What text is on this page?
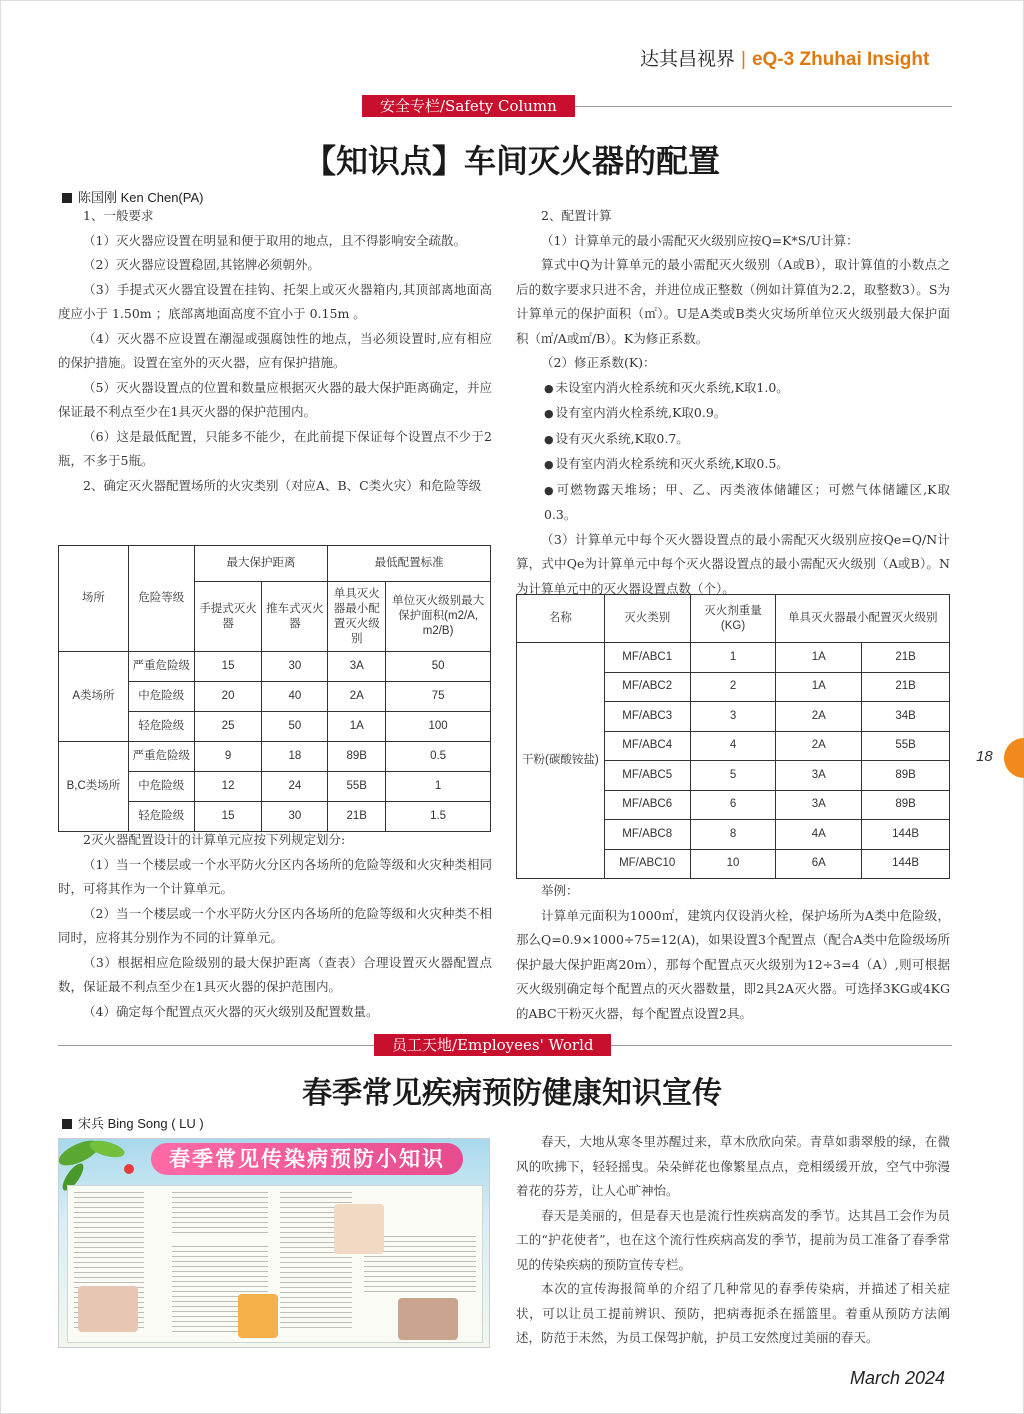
达其昌视界 | eQ-3 Zhuhai Insight
安全专栏/Safety Column
【知识点】车间灭火器的配置
陈国刚 Ken Chen(PA)

1、一般要求

（1）灭火器应设置在明显和便于取用的地点，且不得影响安全疏散。

（2）灭火器应设置稳固,其铭牌必须朝外。

（3）手提式灭火器宜设置在挂钩、托架上或灭火器箱内,其顶部离地面高度应小于 1.50m ；底部离地面高度不宜小于 0.15m 。

（4）灭火器不应设置在潮湿或强腐蚀性的地点，当必须设置时,应有相应的保护措施。设置在室外的灭火器，应有保护措施。

（5）灭火器设置点的位置和数量应根据灭火器的最大保护距离确定，并应保证最不利点至少在1具灭火器的保护范围内。

（6）这是最低配置，只能多不能少，在此前提下保证每个设置点不少于2瓶，不多于5瓶。

2、确定灭火器配置场所的火灾类别（对应A、B、C类火灾）和危险等级

场所	危险等级	最大保护距离		最低配置标准	
		手提式灭火器	推车式灭火器	单具灭火器最小配置灭火级别	单位灭火级别最大保护面积(m2/A, m2/B)
A类场所	严重危险级	15	30	3A	50
	中危险级	20	40	2A	75
	轻危险级	25	50	1A	100
B,C类场所	严重危险级	9	18	89B	0.5
	中危险级	12	24	55B	1
	轻危险级	15	30	21B	1.5

2灭火器配置设计的计算单元应按下列规定划分:

（1）当一个楼层或一个水平防火分区内各场所的危险等级和火灾种类相同时，可将其作为一个计算单元。

（2）当一个楼层或一个水平防火分区内各场所的危险等级和火灾种类不相同时，应将其分别作为不同的计算单元。

（3）根据相应危险级别的最大保护距离（查表）合理设置灭火器配置点数，保证最不利点至少在1具灭火器的保护范围内。

（4）确定每个配置点灭火器的灭火级别及配置数量。

2、配置计算

（1）计算单元的最小需配灭火级别应按Q=K*S/U计算：

算式中Q为计算单元的最小需配灭火级别（A或B），取计算值的小数点之后的数字要求只进不舍，并进位成正整数（例如计算值为2.2，取整数3）。S为计算单元的保护面积（㎡）。U是A类或B类火灾场所单位灭火级别最大保护面积（㎡/A或㎡/B）。K为修正系数。

（2）修正系数(K)：

● 未设室内消火栓系统和灭火系统,K取1.0。

● 设有室内消火栓系统,K取0.9。

● 设有灭火系统,K取0.7。

● 设有室内消火栓系统和灭火系统,K取0.5。

● 可燃物露天堆场；甲、乙、丙类液体储罐区；可燃气体储罐区,K取0.3。

（3）计算单元中每个灭火器设置点的最小需配灭火级别应按Qe=Q/N计算，式中Qe为计算单元中每个灭火器设置点的最小需配灭火级别（A或B）。N为计算单元中的灭火器设置点数（个）。

名称	灭火类别	灭火剂重量(KG)	单具灭火器最小配置灭火级别	
干粉(碳酸铵盐)	MF/ABC1	1	1A	21B
	MF/ABC2	2	1A	21B
	MF/ABC3	3	2A	34B
	MF/ABC4	4	2A	55B
	MF/ABC5	5	3A	89B
	MF/ABC6	6	3A	89B
	MF/ABC8	8	4A	144B
	MF/ABC10	10	6A	144B

举例：

计算单元面积为1000㎡，建筑内仅设消火栓，保护场所为A类中危险级，那么Q=0.9×1000÷75=12(A)，如果设置3个配置点（配合A类中危险级场所保护最大保护距离20m），那每个配置点灭火级别为12÷3=4（A）,则可根据灭火级别确定每个配置点的灭火器数量，即2具2A灭火器。可选择3KG或4KG的ABC干粉灭火器，每个配置点设置2具。

员工天地/Employees' World
春季常见疾病预防健康知识宣传
宋兵 Bing Song ( LU )
春季常见传染病预防小知识

春天，大地从寒冬里苏醒过来，草木欣欣向荣。青草如翡翠般的绿，在微风的吹拂下，轻轻摇曳。朵朵鲜花也像繁星点点，竞相缓缓开放，空气中弥漫着花的芬芳，让人心旷神怡。

春天是美丽的，但是春天也是流行性疾病高发的季节。达其昌工会作为员工的“护花使者”，也在这个流行性疾病高发的季节，提前为员工准备了春季常见的传染疾病的预防宣传专栏。

本次的宣传海报简单的介绍了几种常见的春季传染病，并描述了相关症状，可以让员工提前辨识、预防，把病毒扼杀在摇篮里。着重从预防方法阐述，防范于未然，为员工保驾护航，护员工安然度过美丽的春天。

18
March 2024
